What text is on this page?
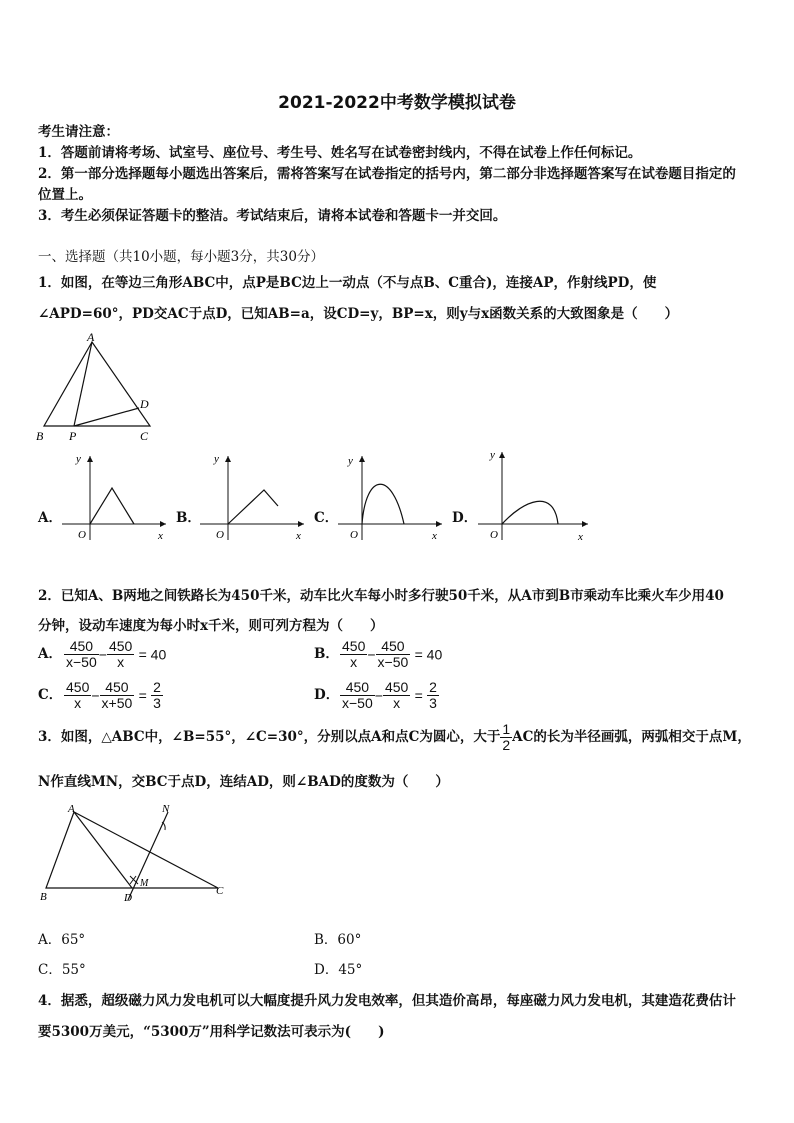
2021-2022中考数学模拟试卷
考生请注意：
1．答题前请将考场、试室号、座位号、考生号、姓名写在试卷密封线内，不得在试卷上作任何标记。
2．第一部分选择题每小题选出答案后，需将答案写在试卷指定的括号内，第二部分非选择题答案写在试卷题目指定的
位置上。
3．考生必须保证答题卡的整洁。考试结束后，请将本试卷和答题卡一并交回。
一、选择题（共10小题，每小题3分，共30分）
1．如图，在等边三角形ABC中，点P是BC边上一动点（不与点B、C重合)，连接AP，作射线PD，使
∠APD=60°，PD交AC于点D，已知AB=a，设CD=y，BP=x，则y与x函数关系的大致图象是（　　）
A
B P	C
D
A．
y
x
O
B．
y
x
O
C．
y
x
O
D．
y
x
O
2．已知A、B两地之间铁路长为450千米，动车比火车每小时多行驶50千米，从A市到B市乘动车比乘火车少用40
分钟，设动车速度为每小时x千米，则可列方程为（　　）
A． $\frac{450}{x-50} - \frac{450}{x} = 40$	B． $\frac{450}{x} - \frac{450}{x-50} = 40$
C． $\frac{450}{x} - \frac{450}{x+50} = \frac{2}{3}$	D． $\frac{450}{x-50} - \frac{450}{x} = \frac{2}{3}$
3．如图，△ABC中，∠B=55°，∠C=30°，分别以点A和点C为圆心，大于 $\frac{1}{2}$ AC的长为半径画弧，两弧相交于点M，
N作直线MN，交BC于点D，连结AD，则∠BAD的度数为（　　）
A
B	D
C
M
N
A．65°	B．60°
C．55°	D．45°
4．据悉，超级磁力风力发电机可以大幅度提升风力发电效率，但其造价高昂，每座磁力风力发电机，其建造花费估计
要5300万美元，“5300万”用科学记数法可表示为(　　)
